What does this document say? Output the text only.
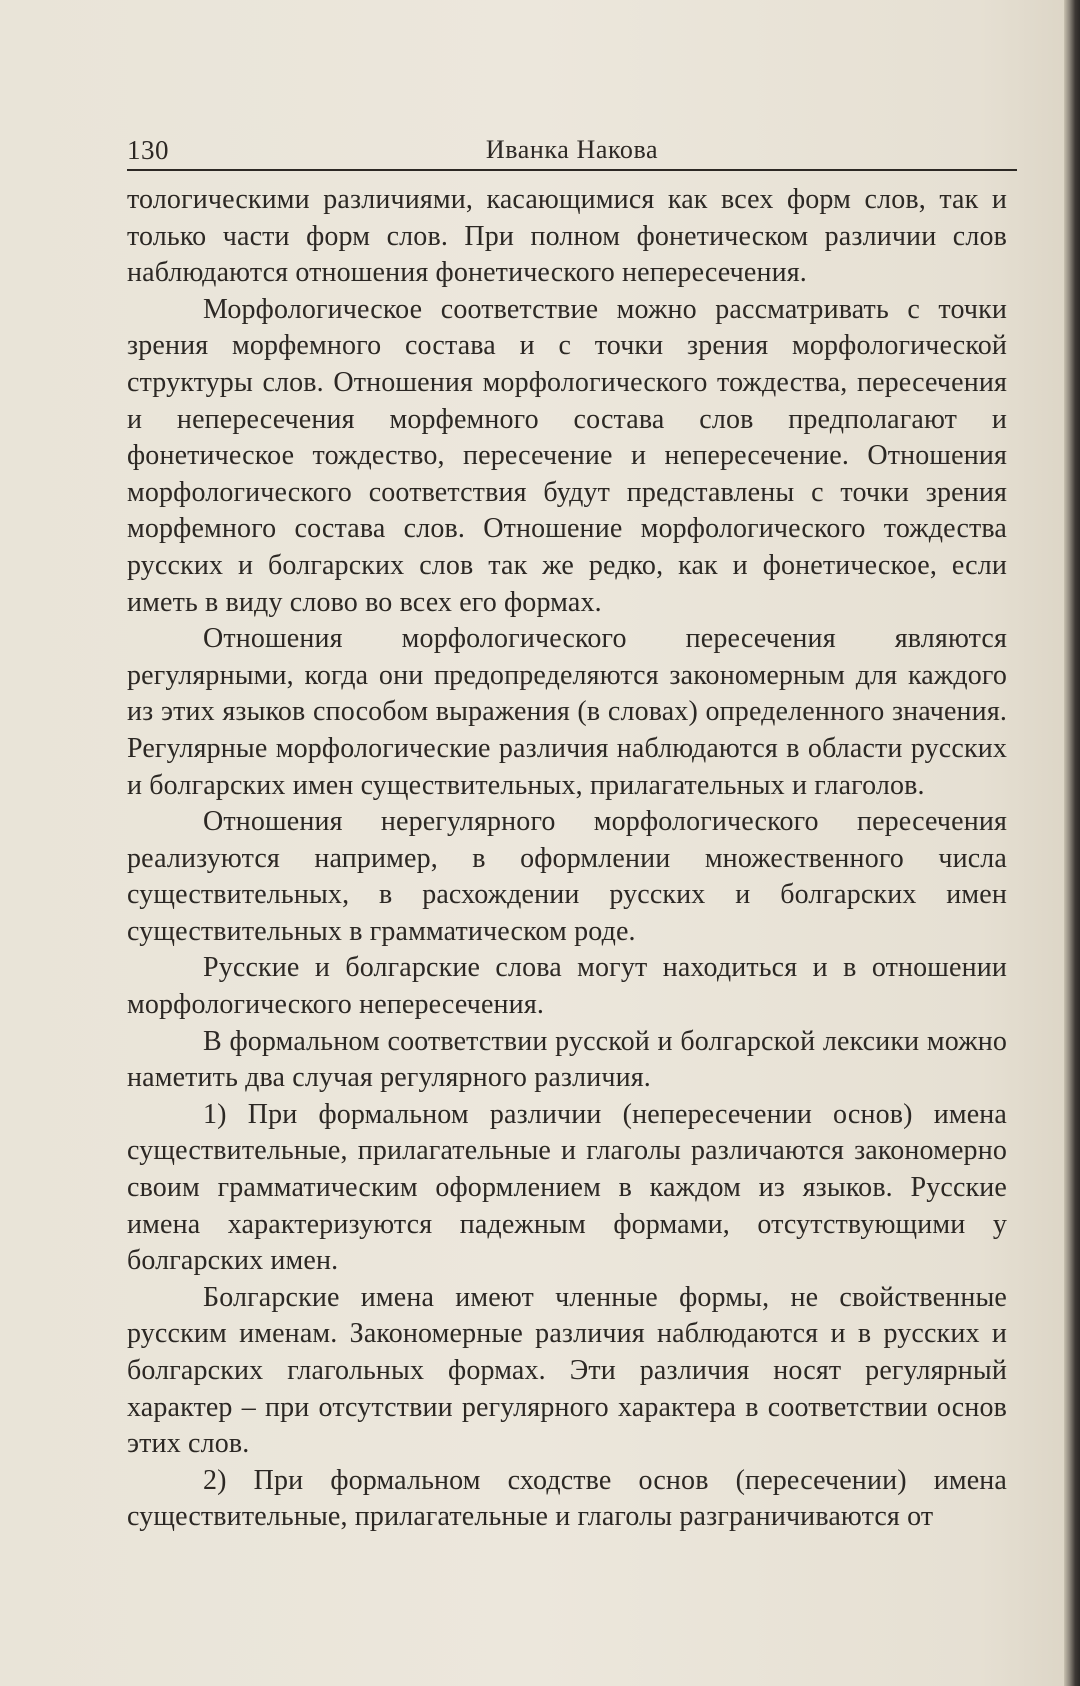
130	Иванка Накова

тологическими различиями, касающимися как всех форм слов, так и только части форм слов. При полном фонетическом различии слов наблюдаются отношения фонетического непересечения.

Морфологическое соответствие можно рассматривать с точки зрения морфемного состава и с точки зрения морфологической структуры слов. Отношения морфологического тождества, пересечения и непересечения морфемного состава слов предполагают и фонетическое тождество, пересечение и непересечение. Отношения морфологического соответствия будут представлены с точки зрения морфемного состава слов. Отношение морфологического тождества русских и болгарских слов так же редко, как и фонетическое, если иметь в виду слово во всех его формах.

Отношения морфологического пересечения являются регулярными, когда они предопределяются закономерным для каждого из этих языков способом выражения (в словах) определенного значения. Регулярные морфологические различия наблюдаются в области русских и болгарских имен существительных, прилагательных и глаголов.

Отношения нерегулярного морфологического пересечения реализуются например, в оформлении множественного числа существительных, в расхождении русских и болгарских имен существительных в грамматическом роде.

Русские и болгарские слова могут находиться и в отношении морфологического непересечения.

В формальном соответствии русской и болгарской лексики можно наметить два случая регулярного различия.

1) При формальном различии (непересечении основ) имена существительные, прилагательные и глаголы различаются закономерно своим грамматическим оформлением в каждом из языков. Русские имена характеризуются падежным формами, отсутствующими у болгарских имен.

Болгарские имена имеют членные формы, не свойственные русским именам. Закономерные различия наблюдаются и в русских и болгарских глагольных формах. Эти различия носят регулярный характер – при отсутствии регулярного характера в соответствии основ этих слов.

2) При формальном сходстве основ (пересечении) имена существительные, прилагательные и глаголы разграничиваются от
